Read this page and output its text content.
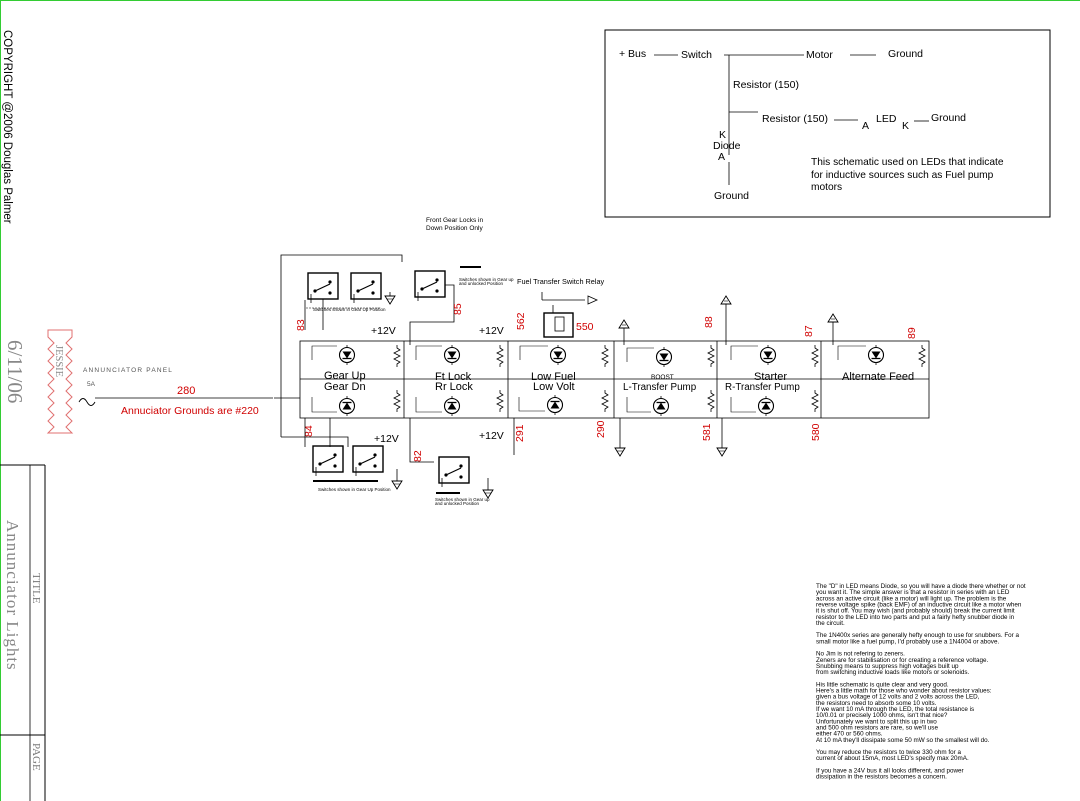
COPYRIGHT @2006 Douglas Palmer
6/11/06 JESSIE	ANNUNCIATOR PANEL
5A
280
Annuciator Grounds are #220
TITLE
Annunciator Lights
PAGE
+ Bus	Switch	Motor	Ground
Resistor (150)
Resistor (150)
A
LED
K
Ground
K
Diode
A
Ground
This schematic used on LEDs that indicate
for inductive sources such as Fuel pump
motors
Front Gear Locks in
Down Position Only
Switches shown in Gear Up Position
Switches shown in Gear up
and unlocked Position
83
85
562	550	88
87	89
+12V	+12V
+12V	+12V
Fuel Transfer Switch Relay
Gear Up	Ft Lock	Low Fuel	BOOST	Starter	Alternate Feed
Gear Dn	Rr Lock	Low Volt	L-Transfer Pump	R-Transfer Pump
84
82
291	290	581	580
Switches shown in Gear Up Position
Switches shown in Gear up
and unlocked Position
The "D" in LED means Diode, so you will have a diode there whether or not
you want it. The simple answer is that a resistor in series with an LED
across an active circuit (like a motor) will light up. The problem is the
reverse voltage spike (back EMF) of an inductive circuit like a motor when
it is shut off. You may wish (and probably should) break the current limit
resistor to the LED into two parts and put a fairly hefty snubber diode in
the circuit.
The 1N400x series are generally hefty enough to use for snubbers. For a
small motor like a fuel pump, I'd probably use a 1N4004 or above.
No Jim is not refering to zeners.
Zeners are for stabilisation or for creating a reference voltage.
Snubbing means to suppress high voltages built up
from switching inductive loads like motors or solenoids.
His little schematic is quite clear and very good.
Here's a little math for those who wonder about resistor values:
given a bus voltage of 12 volts and 2 volts across the LED,
the resistors need to absorb some 10 volts.
If we want 10 mA through the LED, the total resistance is
10/0.01 or precisely 1000 ohms, isn't that nice?
Unfortunately we want to split this up in two
and 500 ohm resistors are rare, so we'll use
either 470 or 560 ohms.
At 10 mA they'll dissipate some 50 mW so the smallest will do.
You may reduce the resistors to twice 330 ohm for a
current of about 15mA, most LED's specify max 20mA.
If you have a 24V bus it all looks different, and power
dissipation in the resistors becomes a concern.
